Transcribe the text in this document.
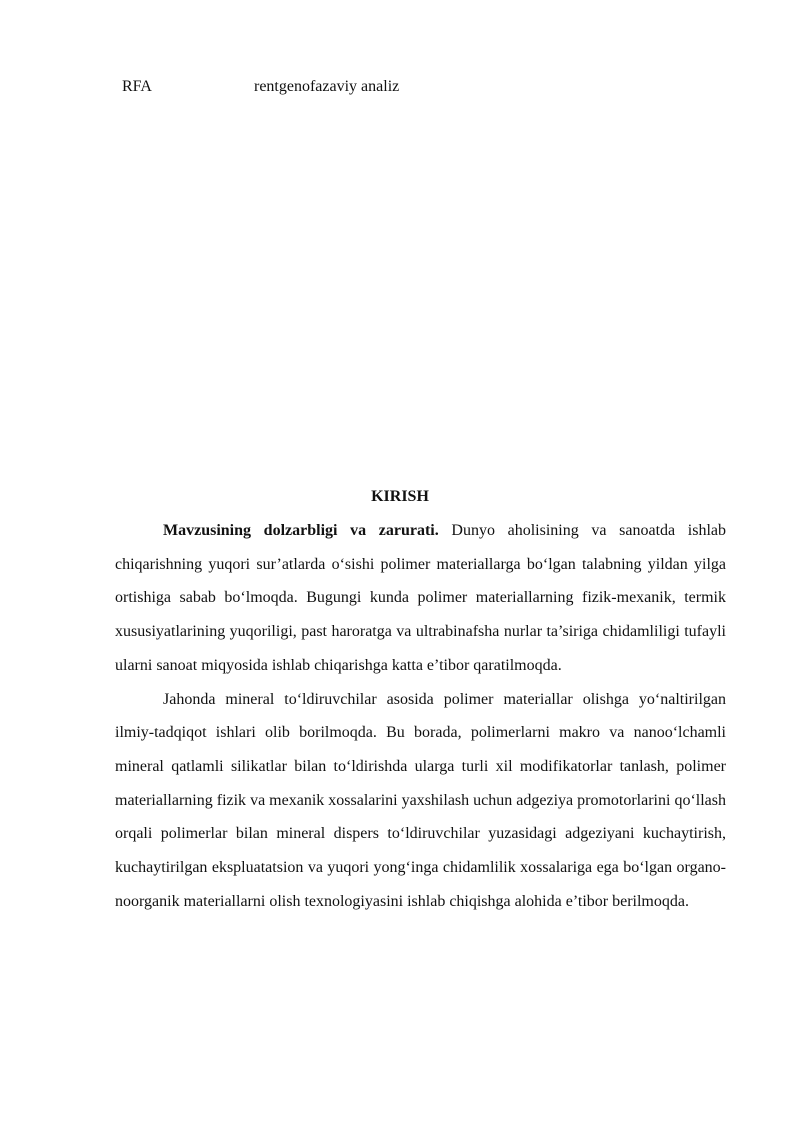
RFA	rentgenofazaviy analiz
KIRISH

Mavzusining dolzarbligi va zarurati. Dunyo aholisining va sanoatda ishlab chiqarishning yuqori sur’atlarda o‘sishi polimer materiallarga bo‘lgan talabning yildan yilga ortishiga sabab bo‘lmoqda. Bugungi kunda polimer materiallarning fizik-mexanik, termik xususiyatlarining yuqoriligi, past haroratga va ultrabinafsha nurlar ta’siriga chidamliligi tufayli ularni sanoat miqyosida ishlab chiqarishga katta e’tibor qaratilmoqda.

Jahonda mineral to‘ldiruvchilar asosida polimer materiallar olishga yo‘naltirilgan ilmiy-tadqiqot ishlari olib borilmoqda. Bu borada, polimerlarni makro va nanoo‘lchamli mineral qatlamli silikatlar bilan to‘ldirishda ularga turli xil modifikatorlar tanlash, polimer materiallarning fizik va mexanik xossalarini yaxshilash uchun adgeziya promotorlarini qo‘llash orqali polimerlar bilan mineral dispers to‘ldiruvchilar yuzasidagi adgeziyani kuchaytirish, kuchaytirilgan ekspluatatsion va yuqori yong‘inga chidamlilik xossalariga ega bo‘lgan organo-noorganik materiallarni olish texnologiyasini ishlab chiqishga alohida e’tibor berilmoqda.
